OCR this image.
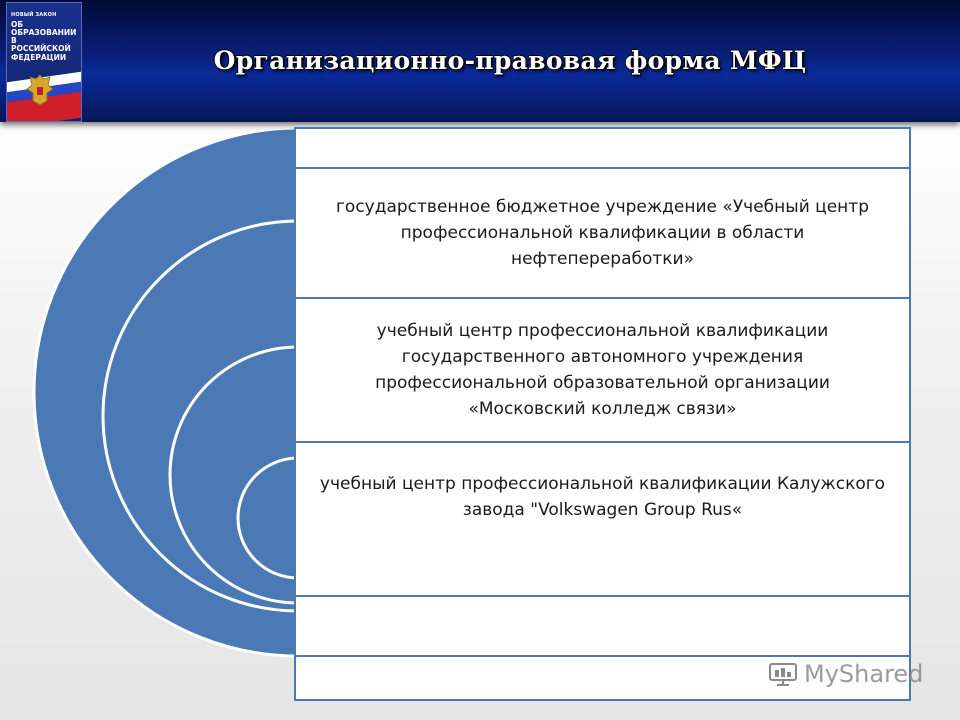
НОВЫЙ ЗАКОН
ОБ ОБРАЗОВАНИИ
В РОССИЙСКОЙ
ФЕДЕРАЦИИ	Организационно-правовая форма МФЦ
государственное бюджетное учреждение «Учебный центр профессиональной квалификации в области нефтепереработки»
учебный центр профессиональной квалификации государственного автономного учреждения профессиональной образовательной организации «Московский колледж связи»
учебный центр профессиональной квалификации Калужского завода "Volkswagen Group Rus«
MyShared
